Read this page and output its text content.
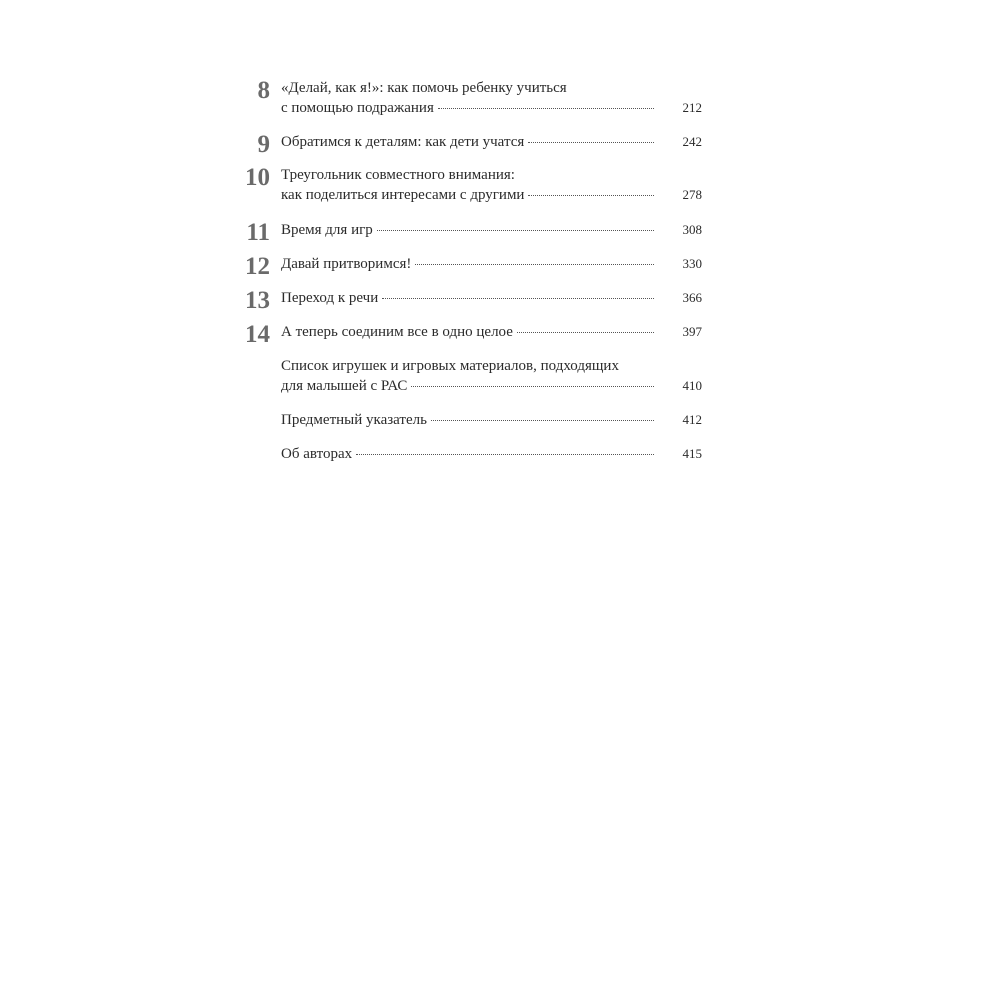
8 «Делай, как я!»: как помочь ребенку учиться
с помощью подражания	212
9 Обратимся к деталям: как дети учатся	242
10 Треугольник совместного внимания:
как поделиться интересами с другими	278
11 Время для игр	308
12 Давай притворимся!	330
13 Переход к речи	366
14 А теперь соединим все в одно целое	397
Список игрушек и игровых материалов, подходящих
для малышей с РАС	410
Предметный указатель	412
Об авторах	415
